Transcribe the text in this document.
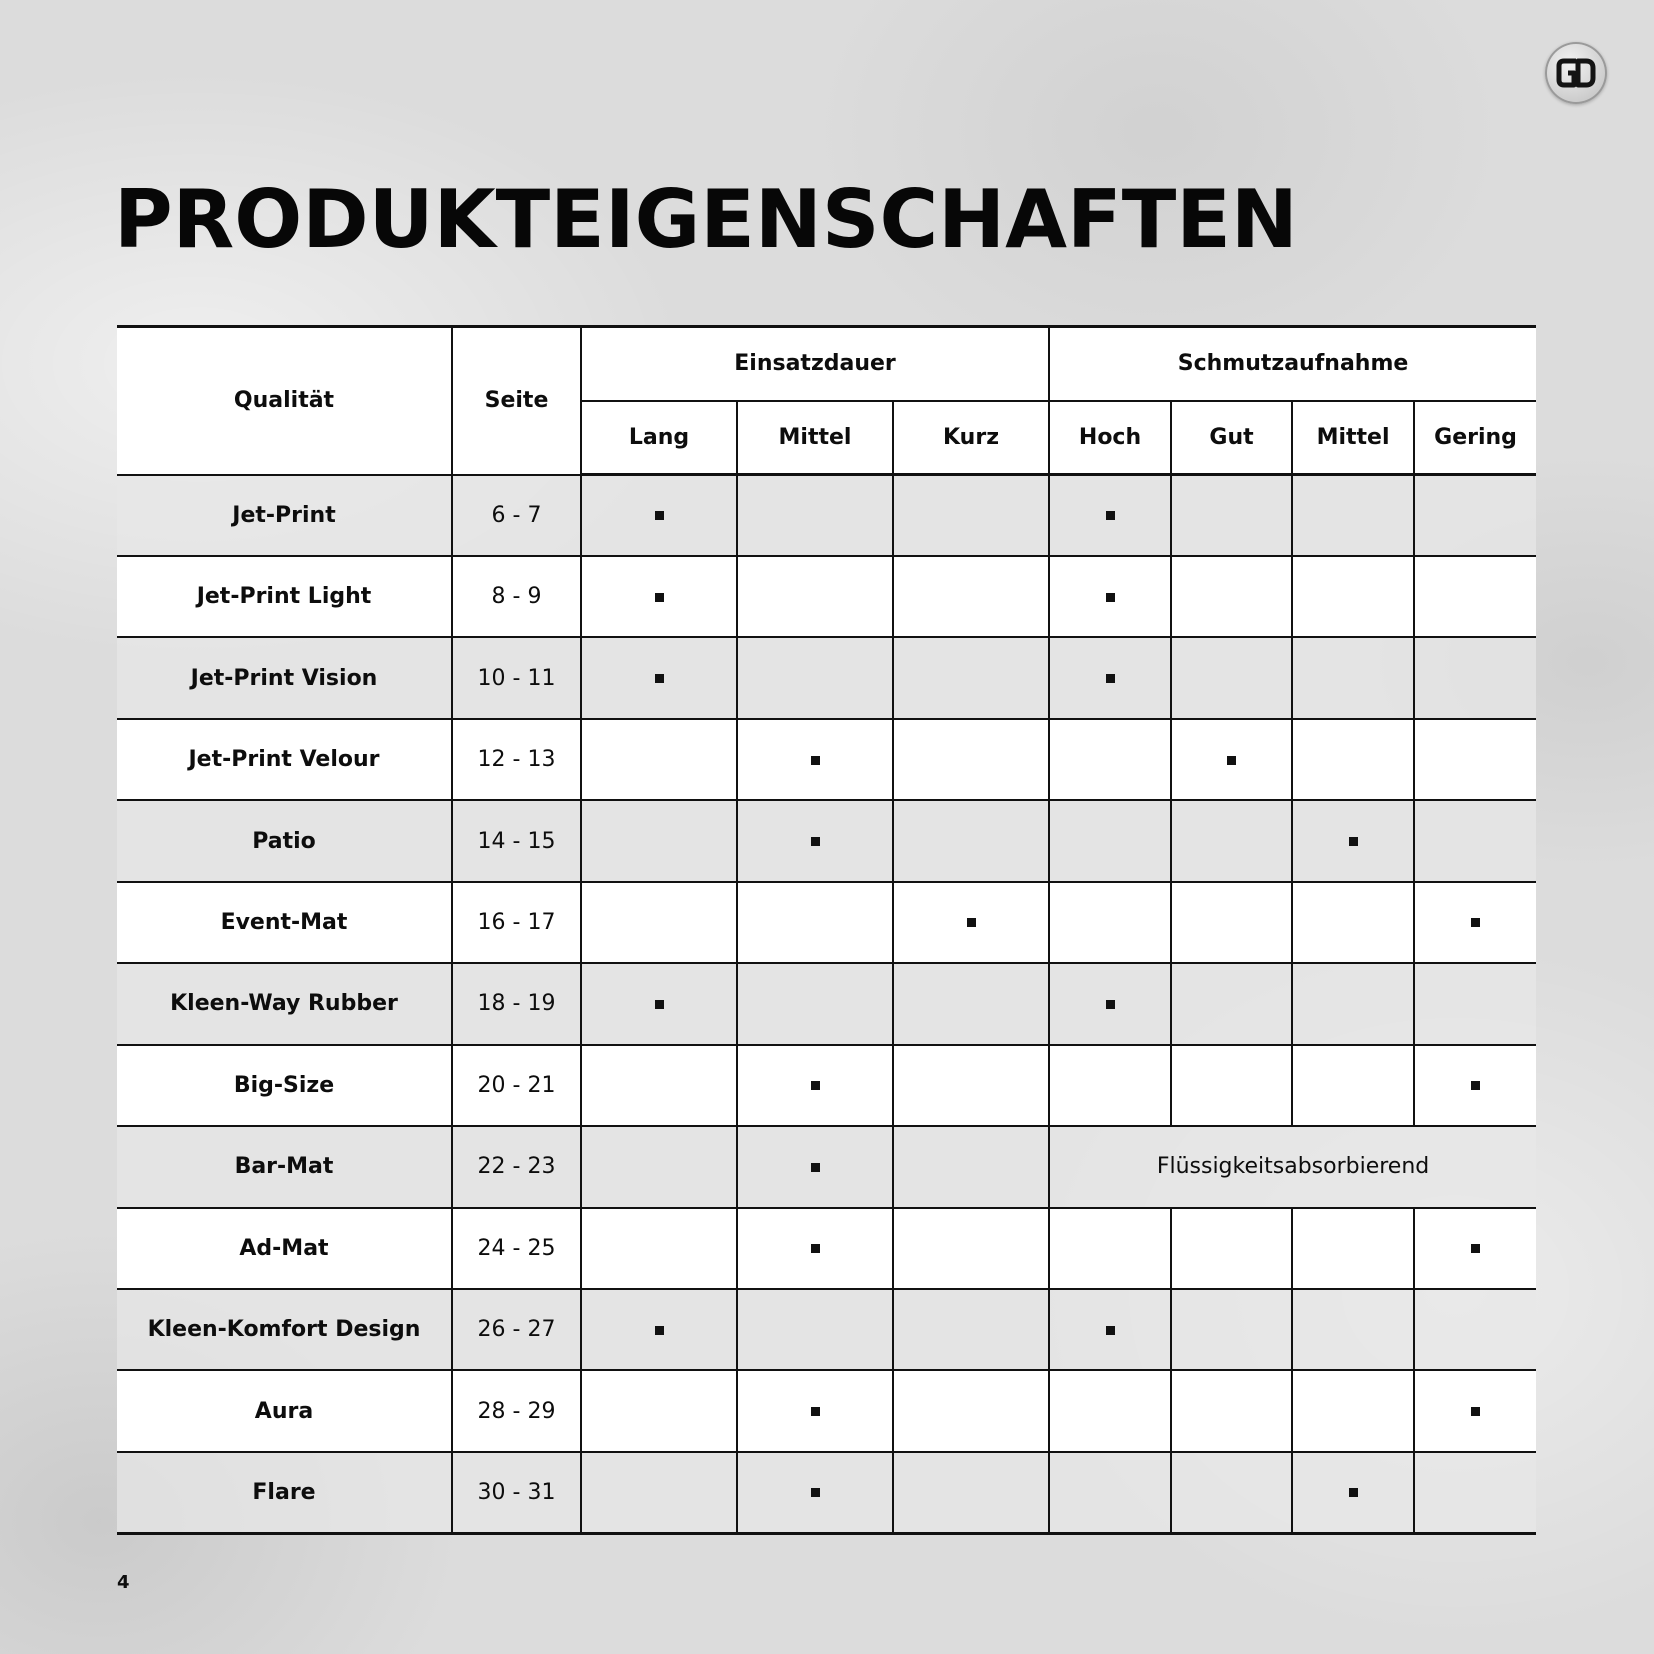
PRODUKTEIGENSCHAFTEN
Qualität	Seite	Einsatzdauer			Schmutzaufnahme			
		Lang	Mittel	Kurz	Hoch	Gut	Mittel	Gering
Jet-Print	6 - 7							
Jet-Print Light	8 - 9							
Jet-Print Vision	10 - 11							
Jet-Print Velour	12 - 13							
Patio	14 - 15							
Event-Mat	16 - 17							
Kleen-Way Rubber	18 - 19							
Big-Size	20 - 21							
Bar-Mat	22 - 23				Flüssigkeitsabsorbierend			
Ad-Mat	24 - 25							
Kleen-Komfort Design	26 - 27							
Aura	28 - 29							
Flare	30 - 31							
4
